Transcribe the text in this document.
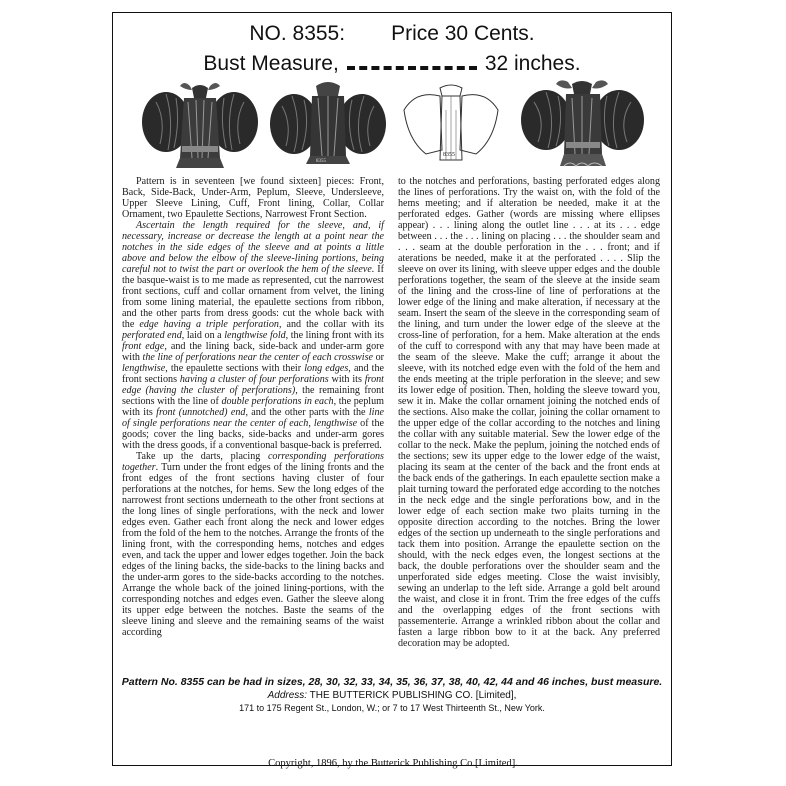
NO. 8355: Price 30 Cents.
Bust Measure,	32 inches.
8355
8355

Pattern is in seventeen [we found sixteen] pieces: Front, Back, Side-Back, Under-Arm, Peplum, Sleeve, Undersleeve, Upper Sleeve Lining, Cuff, Front lining, Collar, Collar Ornament, two Epaulette Sections, Narrowest Front Section.

Ascertain the length required for the sleeve, and, if necessary, increase or decrease the length at a point near the notches in the side edges of the sleeve and at points a little above and below the elbow of the sleeve-lining portions, being careful not to twist the part or overlook the hem of the sleeve. If the basque-waist is to me made as represented, cut the narrowest front sections, cuff and collar ornament from velvet, the lining from some lining material, the epaulette sections from ribbon, and the other parts from dress goods: cut the whole back with the edge having a triple perforation, and the collar with its perforated end, laid on a lengthwise fold, the lining front with its front edge, and the lining back, side-back and under-arm gore with the line of perforations near the center of each crosswise or lengthwise, the epaulette sections with their long edges, and the front sections having a cluster of four perforations with its front edge (having the cluster of perforations), the remaining front sections with the line of double perforations in each, the peplum with its front (unnotched) end, and the other parts with the line of single perforations near the center of each, lengthwise of the goods; cover the ling backs, side-backs and under-arm gores with the dress goods, if a conventional basque-back is preferred.

Take up the darts, placing corresponding perforations together. Turn under the front edges of the lining fronts and the front edges of the front sections having cluster of four perforations at the notches, for hems. Sew the long edges of the narrowest front sections underneath to the other front sections at the long lines of single perforations, with the neck and lower edges even. Gather each front along the neck and lower edges from the fold of the hem to the notches. Arrange the fronts of the lining front, with the corresponding hems, notches and edges even, and tack the upper and lower edges together. Join the back edges of the lining backs, the side-backs to the lining backs and the under-arm gores to the side-backs according to the notches. Arrange the whole back of the joined lining-portions, with the corresponding notches and edges even. Gather the sleeve along its upper edge between the notches. Baste the seams of the sleeve lining and sleeve and the remaining seams of the waist according

to the notches and perforations, basting perforated edges along the lines of perforations. Try the waist on, with the fold of the hems meeting; and if alteration be needed, make it at the perforated edges. Gather (words are missing where ellipses appear) . . . lining along the outlet line . . . at its . . . edge between . . . the . . . lining on placing . . . the shoulder seam and . . . seam at the double perforation in the . . . front; and if aterations be needed, make it at the perforated . . . . Slip the sleeve on over its lining, with sleeve upper edges and the double perforations together, the seam of the sleeve at the inside seam of the lining and the cross-line of line of perforations at the lower edge of the lining and make alteration, if necessary at the seam. Insert the seam of the sleeve in the corresponding seam of the lining, and turn under the lower edge of the sleeve at the cross-line of perforation, for a hem. Make alteration at the ends of the cuff to correspond with any that may have been made at the seam of the sleeve. Make the cuff; arrange it about the sleeve, with its notched edge even with the fold of the hem and the ends meeting at the triple perforation in the sleeve; and sew its lower edge of position. Then, holding the sleeve toward you, sew it in. Make the collar ornament joining the notched ends of the sections. Also make the collar, joining the collar ornament to the upper edge of the collar according to the notches and lining the collar with any suitable material. Sew the lower edge of the collar to the neck. Make the peplum, joining the notched ends of the sections; sew its upper edge to the lower edge of the waist, placing its seam at the center of the back and the front ends at the back ends of the gatherings. In each epaulette section make a plait turning toward the perforated edge according to the notches in the neck edge and the single perforations bow, and in the lower edge of each section make two plaits turning in the opposite direction according to the notches. Bring the lower edges of the section up underneath to the single perforations and tack them into position. Arrange the epaulette section on the should, with the neck edges even, the longest sections at the back, the double perforations over the shoulder seam and the unperforated side edges meeting. Close the waist invisibly, sewing an underlap to the left side. Arrange a gold belt around the waist, and close it in front. Trim the free edges of the cuffs and the overlapping edges of the front sections with passementerie. Arrange a wrinkled ribbon about the collar and fasten a large ribbon bow to it at the back. Any preferred decoration may be adopted.

Pattern No. 8355 can be had in sizes, 28, 30, 32, 33, 34, 35, 36, 37, 38, 40, 42, 44 and 46 inches, bust measure.
Address: THE BUTTERICK PUBLISHING CO. [Limited],
171 to 175 Regent St., London, W.; or 7 to 17 West Thirteenth St., New York.
Copyright, 1896, by the Butterick Publishing Co.[Limited].
